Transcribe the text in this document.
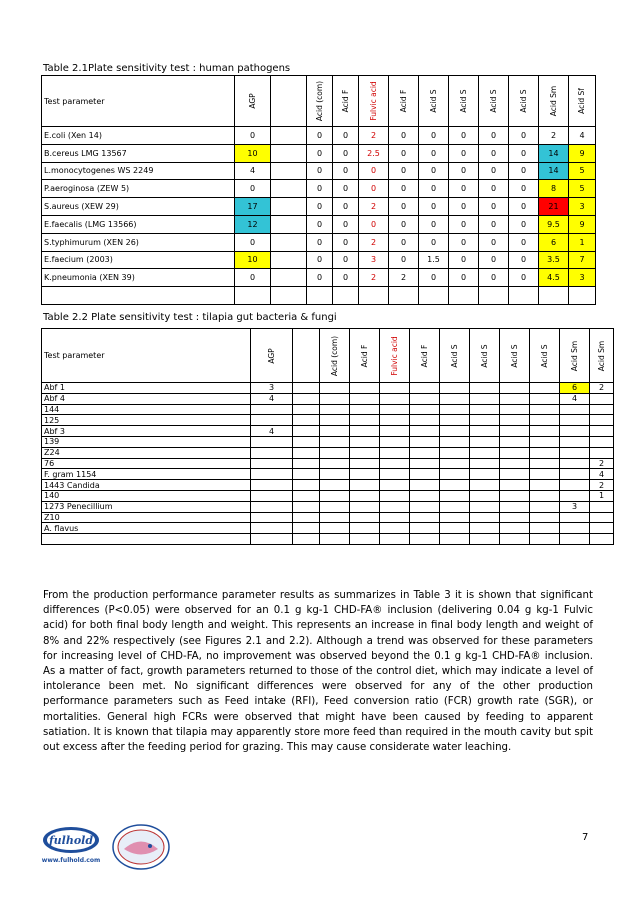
Table 2.1Plate sensitivity test : human pathogens
Test parameter	AGP		Acid (com)	Acid F	Fulvic acid	Acid F	Acid S	Acid S	Acid S	Acid S	Acid Sm	Acid Sf

E.coli (Xen 14)	0		0	0	2	0	0	0	0	0	2	4
B.cereus LMG 13567	10		0	0	2.5	0	0	0	0	0	14	9
L.monocytogenes WS 2249	4		0	0	0	0	0	0	0	0	14	5
P.aeroginosa (ZEW 5)	0		0	0	0	0	0	0	0	0	8	5
S.aureus (XEW 29)	17		0	0	2	0	0	0	0	0	21	3
E.faecalis (LMG 13566)	12		0	0	0	0	0	0	0	0	9.5	9
S.typhimurum (XEN 26)	0		0	0	2	0	0	0	0	0	6	1
E.faecium (2003)	10		0	0	3	0	1.5	0	0	0	3.5	7
K.pneumonia (XEN 39)	0		0	0	2	2	0	0	0	0	4.5	3

Table 2.2 Plate sensitivity test : tilapia gut bacteria & fungi
Test parameter	AGP		Acid (com)	Acid F	Fulvic acid	Acid F	Acid S	Acid S	Acid S	Acid S	Acid Sm	Acid Sm

Abf 1	3										6	2
Abf 4	4										4	
144												
125												
Abf 3	4											
139												
Z24												
76												2
F. gram 1154												4
1443 Candida												2
140												1
1273 Penecillium											3	
Z10												
A. flavus												

From the production performance parameter results as summarizes in Table 3 it is shown that significant differences (P<0.05) were observed for an 0.1 g kg-1 CHD-FA® inclusion (delivering 0.04 g kg-1 Fulvic acid) for both final body length and weight. This represents an increase in final body length and weight of 8% and 22% respectively (see Figures 2.1 and 2.2). Although a trend was observed for these parameters for increasing level of CHD-FA, no improvement was observed beyond the 0.1 g kg-1 CHD-FA® inclusion. As a matter of fact, growth parameters returned to those of the control diet, which may indicate a level of intolerance been met. No significant differences were observed for any of the other production performance parameters such as Feed intake (RFI), Feed conversion ratio (FCR) growth rate (SGR), or mortalities. General high FCRs were observed that might have been caused by feeding to apparent satiation. It is known that tilapia may apparently store more feed than required in the mouth cavity but spit out excess after the feeding period for grazing. This may cause considerate water leaching.
fulhold
www.fulhold.com
7
